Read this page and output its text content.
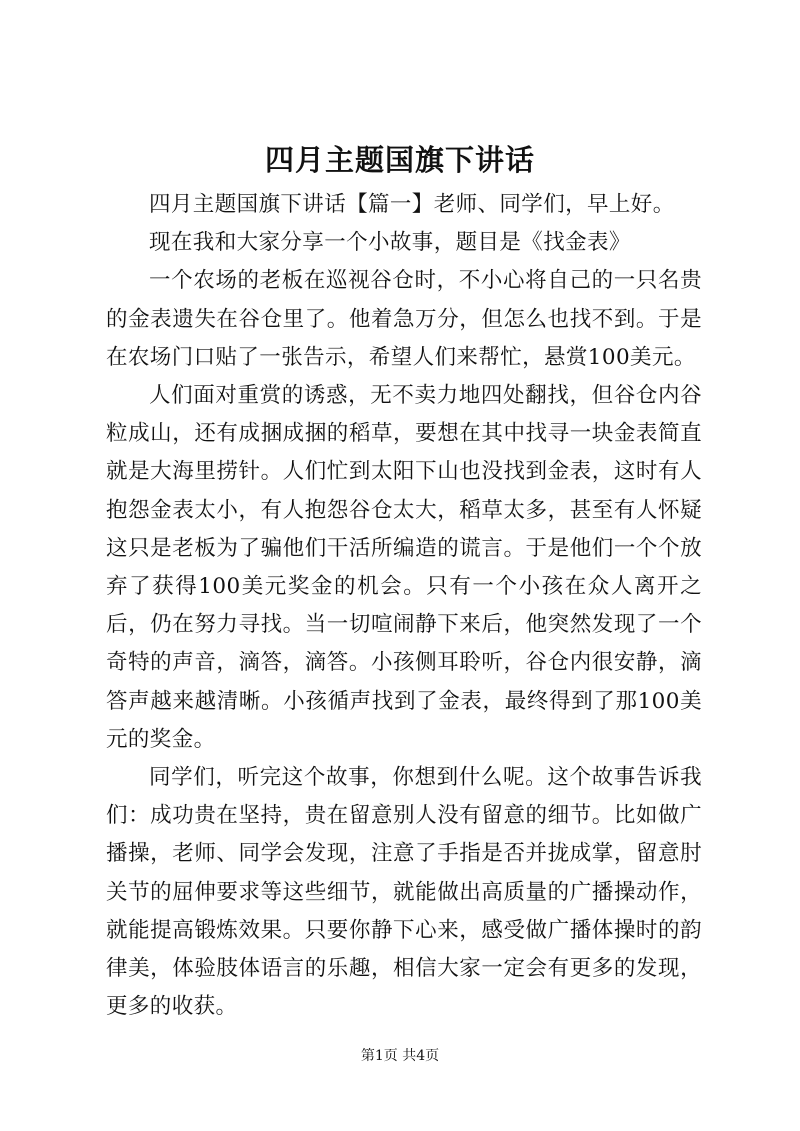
四月主题国旗下讲话

四月主题国旗下讲话【篇一】老师、同学们，早上好。

现在我和大家分享一个小故事，题目是《找金表》

一个农场的老板在巡视谷仓时，不小心将自己的一只名贵的金表遗失在谷仓里了。他着急万分，但怎么也找不到。于是在农场门口贴了一张告示，希望人们来帮忙，悬赏100美元。

人们面对重赏的诱惑，无不卖力地四处翻找，但谷仓内谷粒成山，还有成捆成捆的稻草，要想在其中找寻一块金表简直就是大海里捞针。人们忙到太阳下山也没找到金表，这时有人抱怨金表太小，有人抱怨谷仓太大，稻草太多，甚至有人怀疑这只是老板为了骗他们干活所编造的谎言。于是他们一个个放弃了获得100美元奖金的机会。只有一个小孩在众人离开之后，仍在努力寻找。当一切喧闹静下来后，他突然发现了一个奇特的声音，滴答，滴答。小孩侧耳聆听，谷仓内很安静，滴答声越来越清晰。小孩循声找到了金表，最终得到了那100美元的奖金。

同学们，听完这个故事，你想到什么呢。这个故事告诉我们：成功贵在坚持，贵在留意别人没有留意的细节。比如做广播操，老师、同学会发现，注意了手指是否并拢成掌，留意肘关节的屈伸要求等这些细节，就能做出高质量的广播操动作，就能提高锻炼效果。只要你静下心来，感受做广播体操时的韵律美，体验肢体语言的乐趣，相信大家一定会有更多的发现，更多的收获。

第1页 共4页
